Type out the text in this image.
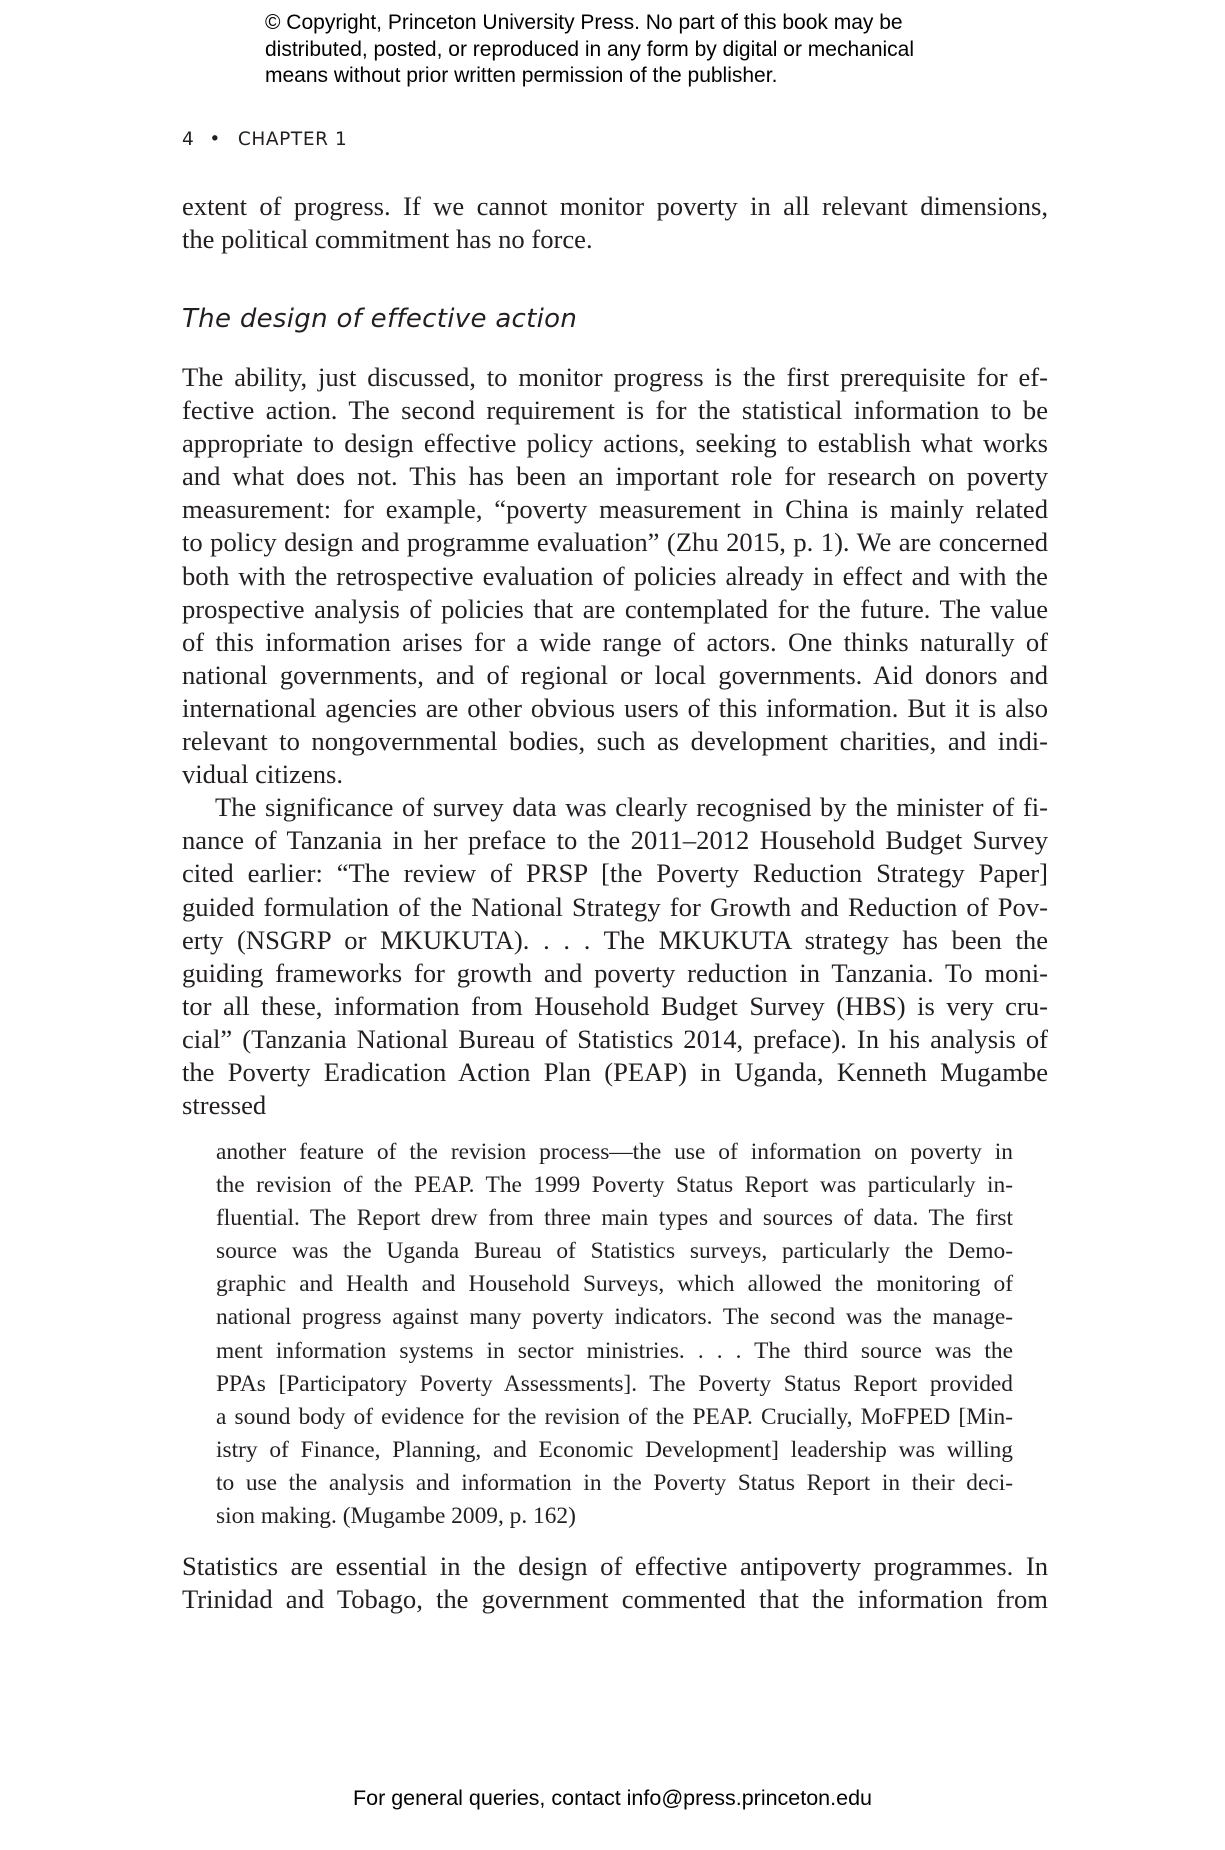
© Copyright, Princeton University Press. No part of this book may be
distributed, posted, or reproduced in any form by digital or mechanical
means without prior written permission of the publisher.
4 • CHAPTER 1
extent of progress. If we cannot monitor poverty in all relevant dimensions,
the political commitment has no force.
The design of effective action
The ability, just discussed, to monitor progress is the first prerequisite for ef-
fective action. The second requirement is for the statistical information to be
appropriate to design effective policy actions, seeking to establish what works
and what does not. This has been an important role for research on poverty
measurement: for example, “poverty measurement in China is mainly related
to policy design and programme evaluation” (Zhu 2015, p. 1). We are concerned
both with the retrospective evaluation of policies already in effect and with the
prospective analysis of policies that are contemplated for the future. The value
of this information arises for a wide range of actors. One thinks naturally of
national governments, and of regional or local governments. Aid donors and
international agencies are other obvious users of this information. But it is also
relevant to nongovernmental bodies, such as development charities, and indi-
vidual citizens.
The significance of survey data was clearly recognised by the minister of fi-
nance of Tanzania in her preface to the 2011–2012 Household Budget Survey
cited earlier: “The review of PRSP [the Poverty Reduction Strategy Paper]
guided formulation of the National Strategy for Growth and Reduction of Pov-
erty (NSGRP or MKUKUTA). . . . The MKUKUTA strategy has been the
guiding frameworks for growth and poverty reduction in Tanzania. To moni-
tor all these, information from Household Budget Survey (HBS) is very cru-
cial” (Tanzania National Bureau of Statistics 2014, preface). In his analysis of
the Poverty Eradication Action Plan (PEAP) in Uganda, Kenneth Mugambe
stressed
another feature of the revision process—the use of information on poverty in
the revision of the PEAP. The 1999 Poverty Status Report was particularly in-
fluential. The Report drew from three main types and sources of data. The first
source was the Uganda Bureau of Statistics surveys, particularly the Demo-
graphic and Health and Household Surveys, which allowed the monitoring of
national progress against many poverty indicators. The second was the manage-
ment information systems in sector ministries. . . . The third source was the
PPAs [Participatory Poverty Assessments]. The Poverty Status Report provided
a sound body of evidence for the revision of the PEAP. Crucially, MoFPED [Min-
istry of Finance, Planning, and Economic Development] leadership was willing
to use the analysis and information in the Poverty Status Report in their deci-
sion making. (Mugambe 2009, p. 162)
Statistics are essential in the design of effective antipoverty programmes. In
Trinidad and Tobago, the government commented that the information from
For general queries, contact info@press.princeton.edu
